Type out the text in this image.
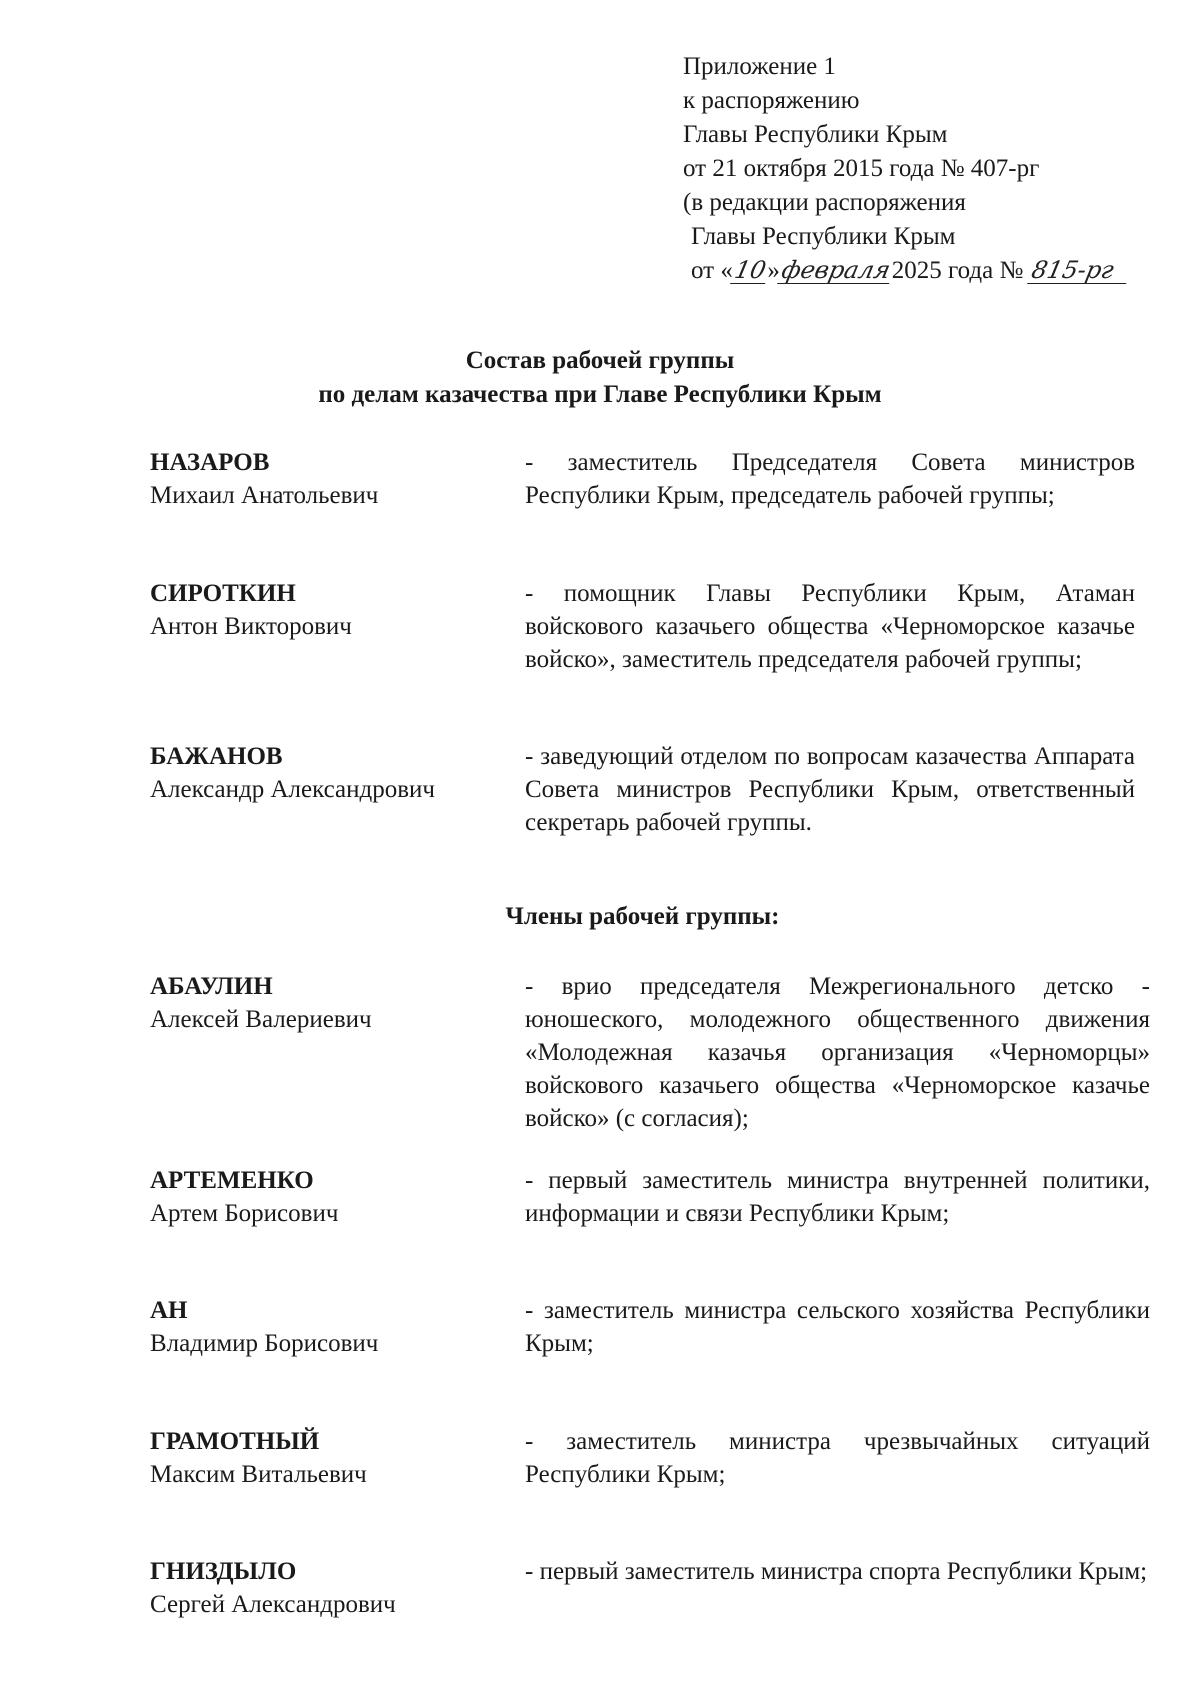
Приложение 1
к распоряжению
Главы Республики Крым
от 21 октября 2015 года № 407-рг
(в редакции распоряжения
Главы Республики Крым
от «10»февраля2025 года № 815-рг
Состав рабочей группы
по делам казачества при Главе Республики Крым
НАЗАРОВ
Михаил Анатольевич
- заместитель Председателя Совета министров Республики Крым, председатель рабочей группы;
СИРОТКИН
Антон Викторович
- помощник Главы Республики Крым, Атаман войскового казачьего общества «Черноморское казачье войско», заместитель председателя рабочей группы;
БАЖАНОВ
Александр Александрович
- заведующий отделом по вопросам казачества Аппарата Совета министров Республики Крым, ответственный секретарь рабочей группы.
Члены рабочей группы:
АБАУЛИН
Алексей Валериевич
- врио председателя Межрегионального детско - юношеского, молодежного общественного движения «Молодежная казачья организация «Черноморцы» войскового казачьего общества «Черноморское казачье войско» (с согласия);
АРТЕМЕНКО
Артем Борисович
- первый заместитель министра внутренней политики, информации и связи Республики Крым;
АН
Владимир Борисович
- заместитель министра сельского хозяйства Республики Крым;
ГРАМОТНЫЙ
Максим Витальевич
- заместитель министра чрезвычайных ситуаций Республики Крым;
ГНИЗДЫЛО
Сергей Александрович
- первый заместитель министра спорта Республики Крым;
